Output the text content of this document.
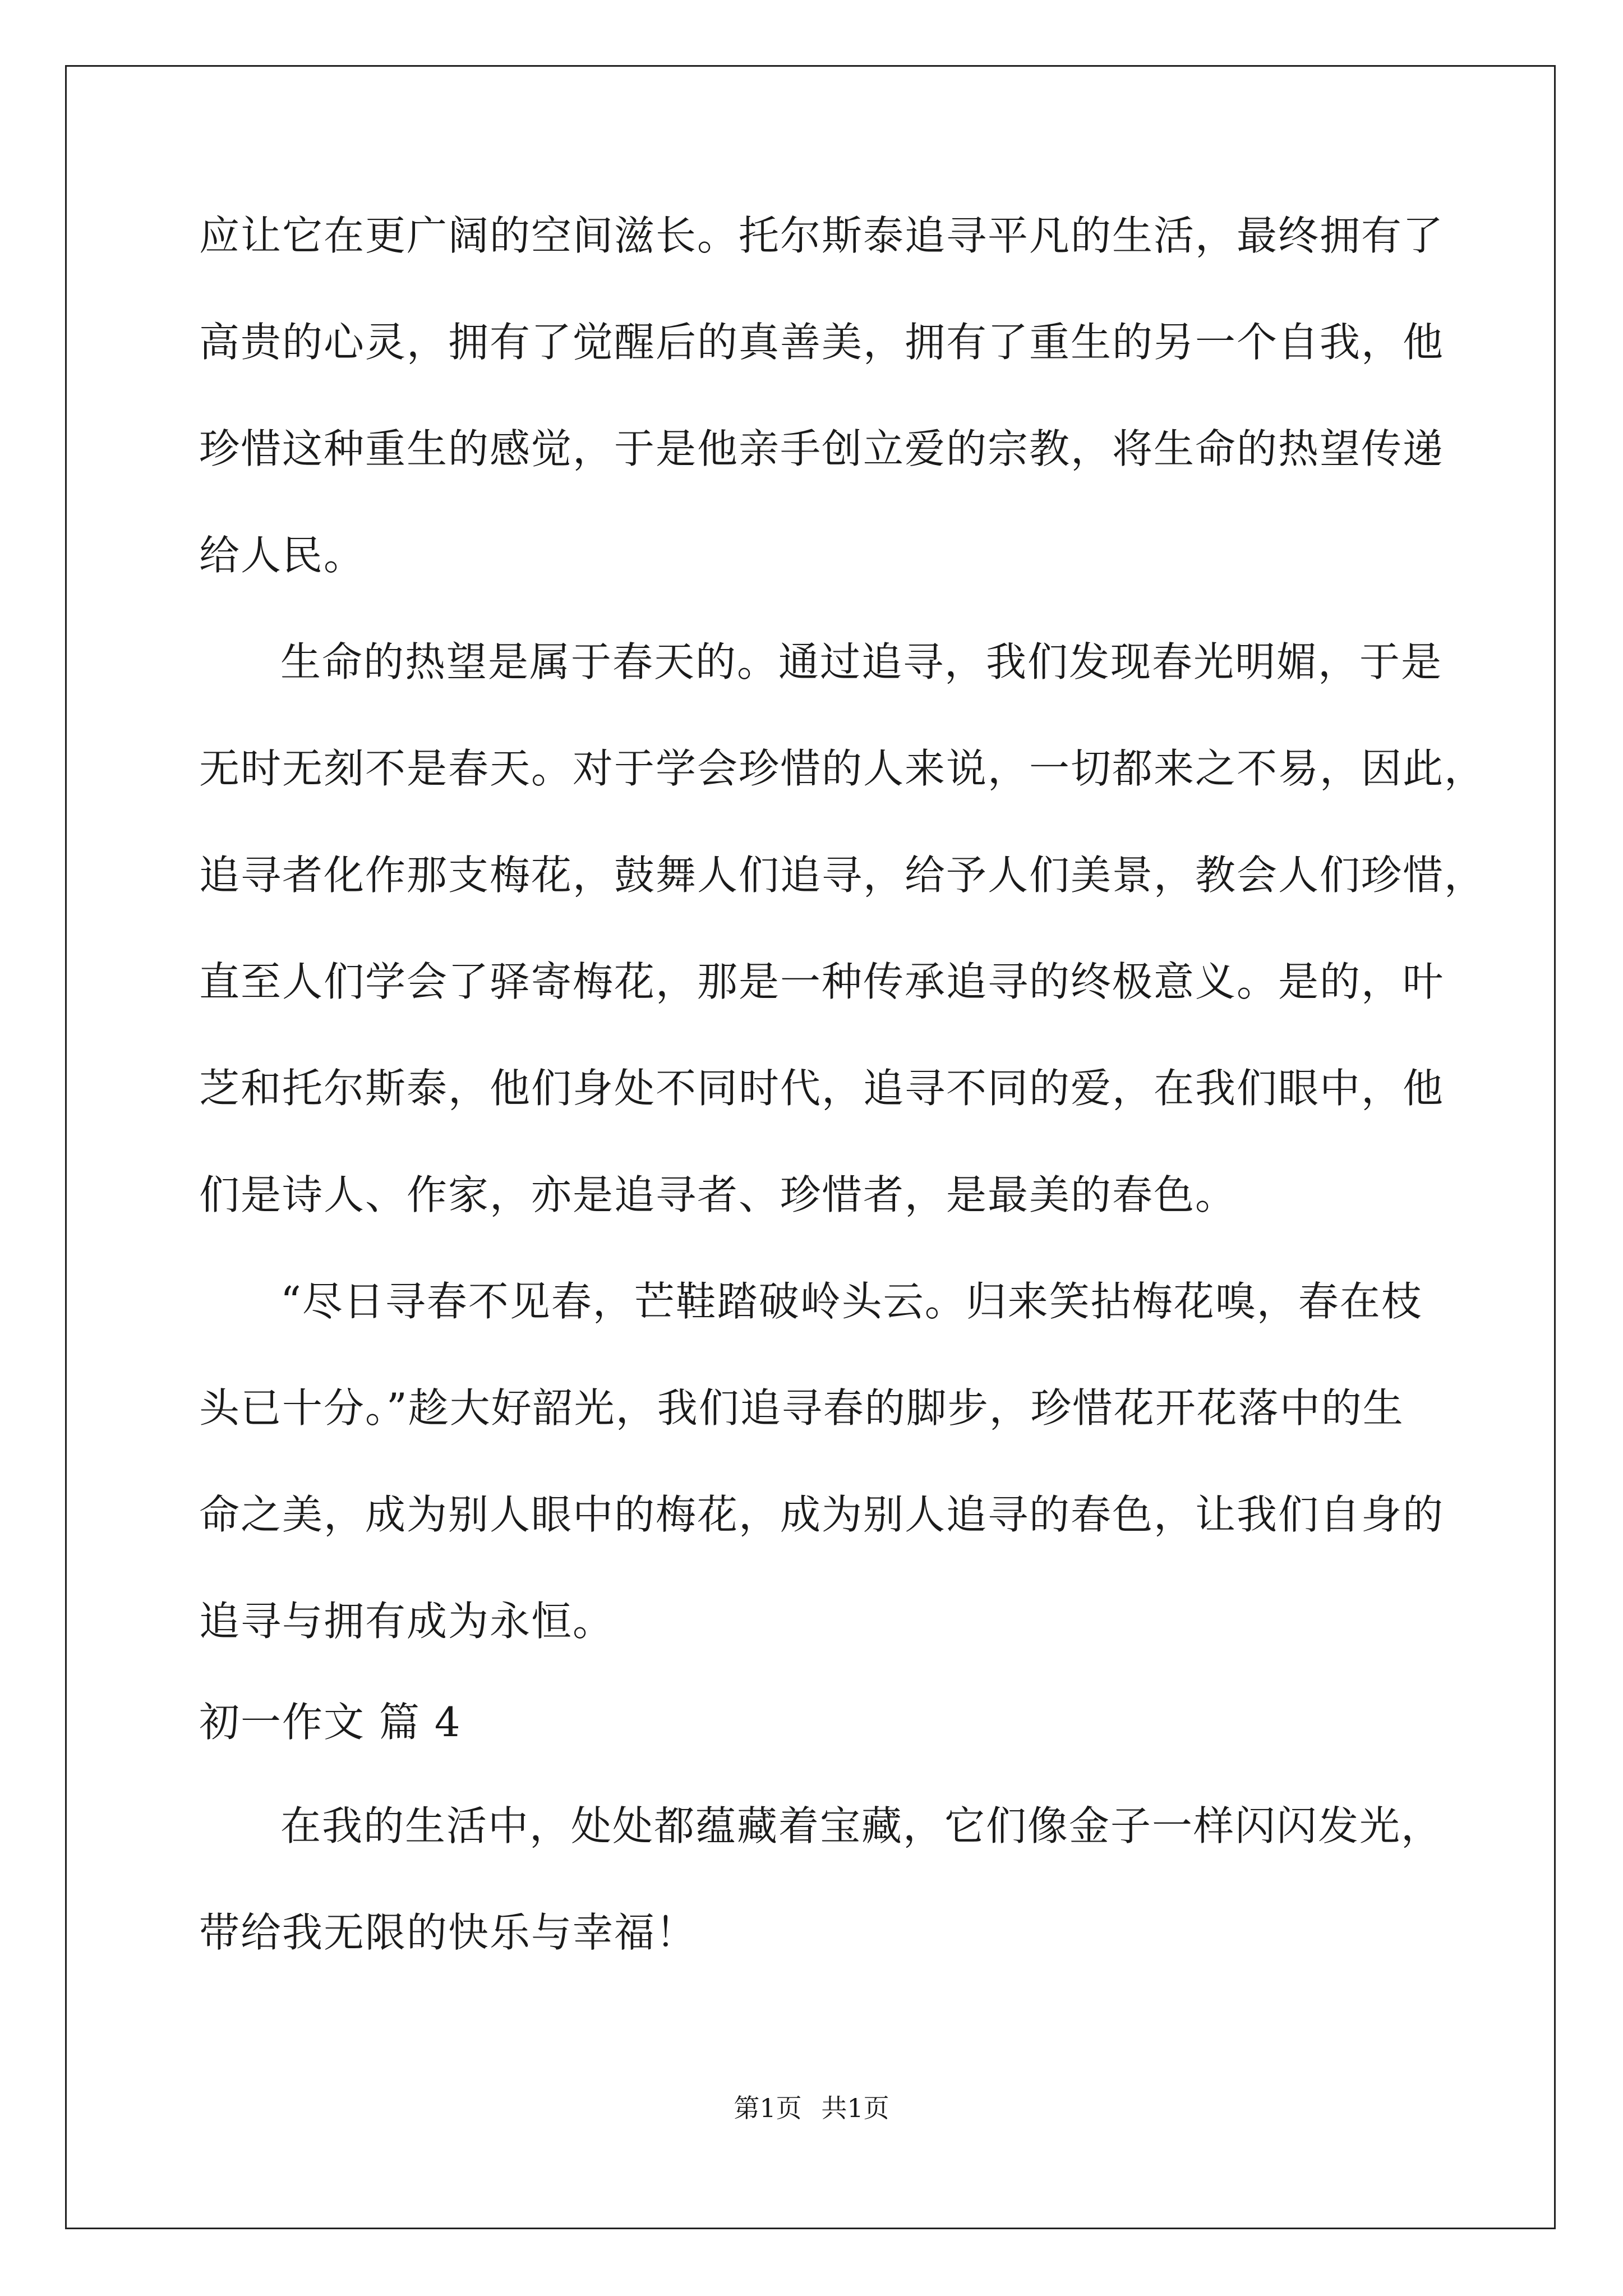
应让它在更广阔的空间滋长。托尔斯泰追寻平凡的生活，最终拥有了
高贵的心灵，拥有了觉醒后的真善美，拥有了重生的另一个自我，他
珍惜这种重生的感觉，于是他亲手创立爱的宗教，将生命的热望传递
给人民。
生命的热望是属于春天的。通过追寻，我们发现春光明媚，于是
无时无刻不是春天。对于学会珍惜的人来说，一切都来之不易，因此，
追寻者化作那支梅花，鼓舞人们追寻，给予人们美景，教会人们珍惜，
直至人们学会了驿寄梅花，那是一种传承追寻的终极意义。是的，叶
芝和托尔斯泰，他们身处不同时代，追寻不同的爱，在我们眼中，他
们是诗人、作家，亦是追寻者、珍惜者，是最美的春色。
“尽日寻春不见春，芒鞋踏破岭头云。归来笑拈梅花嗅，春在枝
头已十分。”趁大好韶光，我们追寻春的脚步，珍惜花开花落中的生
命之美，成为别人眼中的梅花，成为别人追寻的春色，让我们自身的
追寻与拥有成为永恒。
初一作文 篇 4
在我的生活中，处处都蕴藏着宝藏，它们像金子一样闪闪发光，
带给我无限的快乐与幸福！
第1页 共1页
